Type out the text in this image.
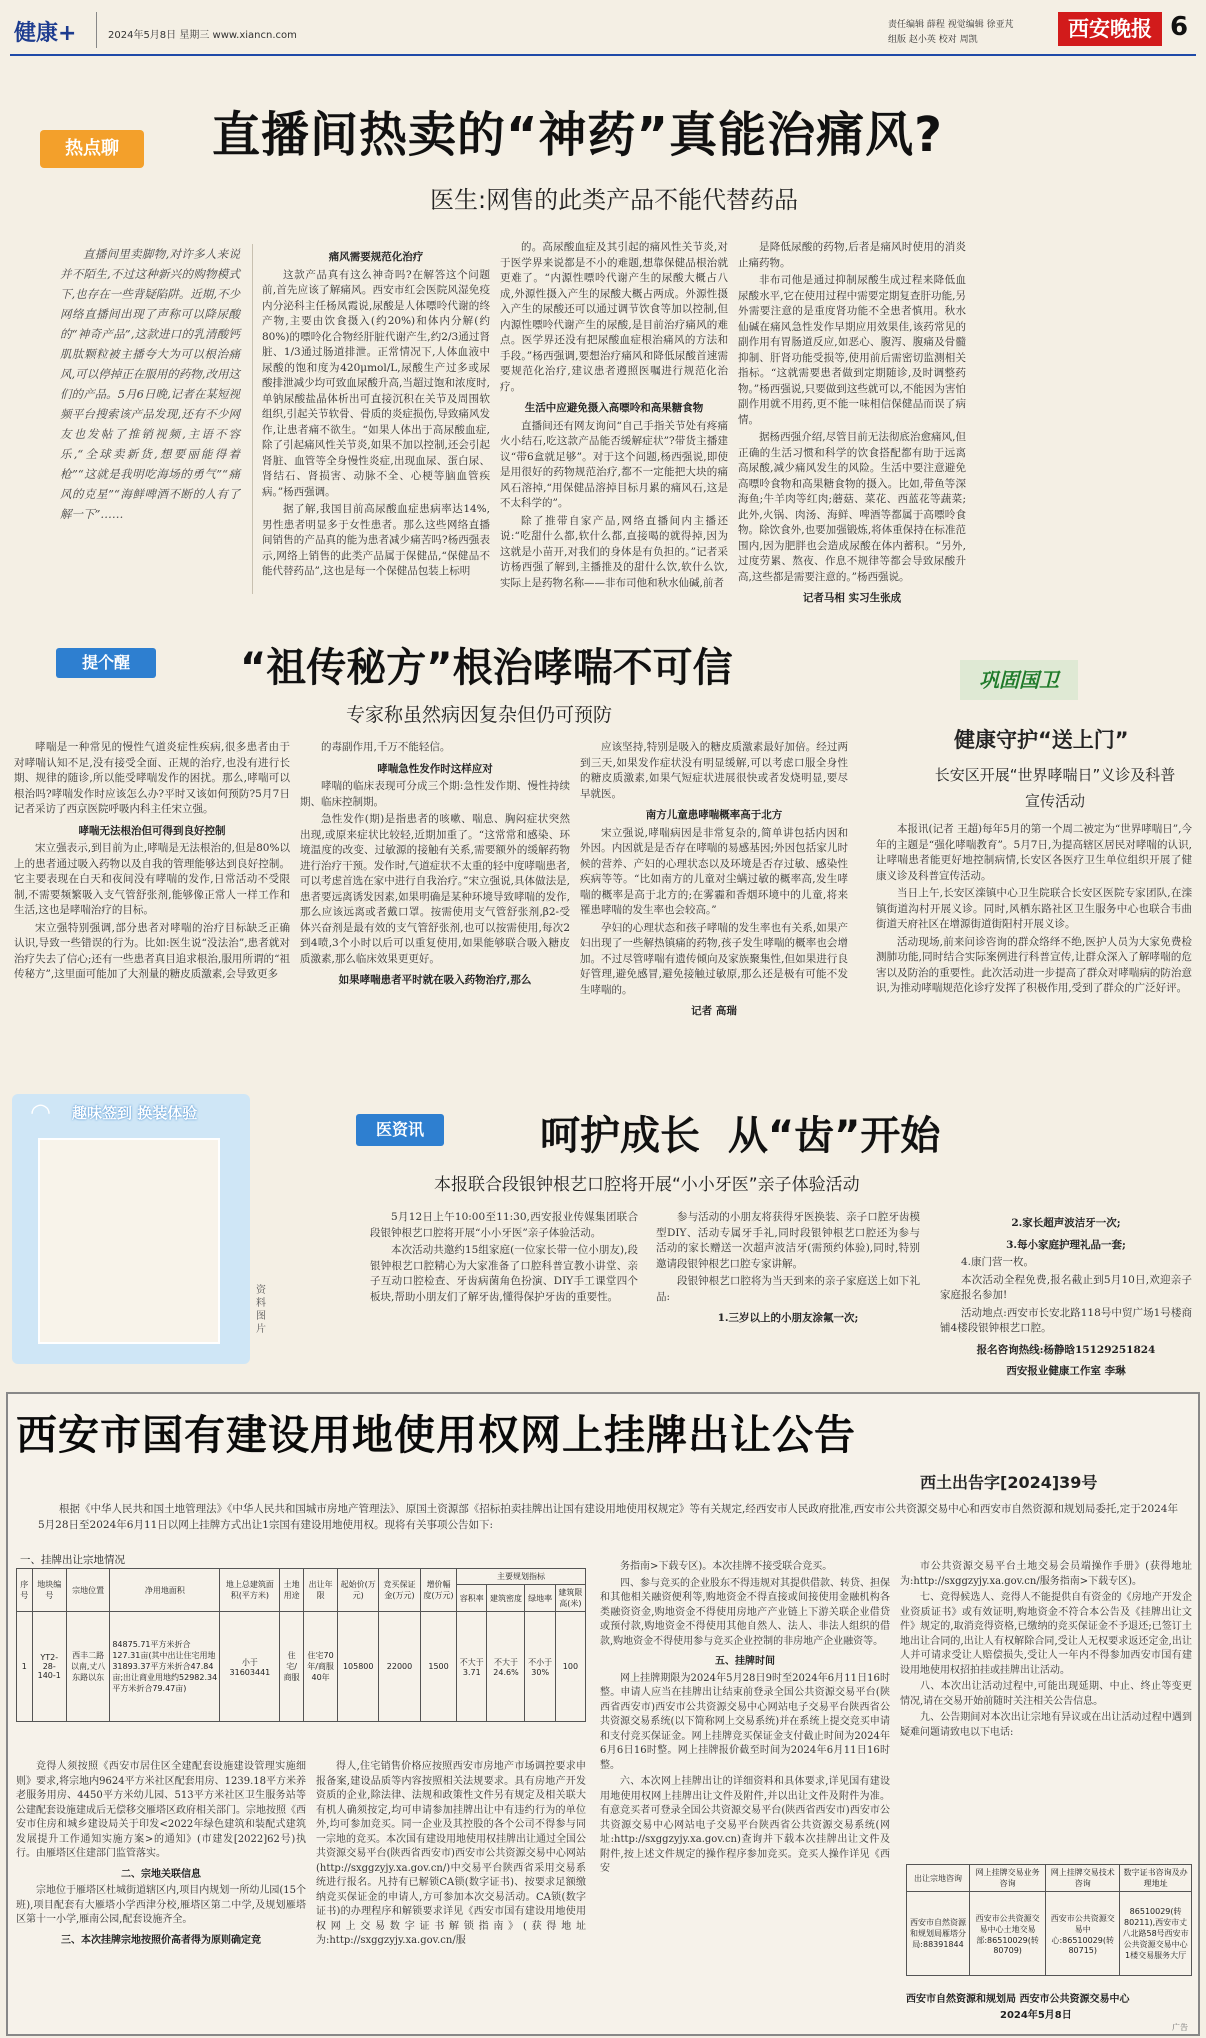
健康+	2024年5月8日 星期三 www.xiancn.com
责任编辑 薛程 视觉编辑 徐亚芃
组版 赵小英 校对 周凯	西安晚报 6
热点聊	直播间热卖的“神药”真能治痛风?
医生:网售的此类产品不能代替药品
直播间里卖脚物,对许多人来说并不陌生,不过这种新兴的购物模式下,也存在一些背疑陷阱。近期,不少网络直播间出现了声称可以降尿酸的“神奇产品”,这款进口的乳清酸钙肌肽颗粒被主播夸大为可以根治痛风,可以停掉正在服用的药物,改用这们的产品。5月6日晚,记者在某短视频平台搜索该产品发现,还有不少网友也发帖了推销视频,主语不容乐,“全球卖新货,想要丽能得着枪”“这就是我明吃海场的勇气”“痛风的克星”“海鲜啤酒不断的人有了解一下”……

痛风需要规范化治疗

这款产品真有这么神奇吗?在解答这个问题前,首先应该了解痛风。西安市红会医院风湿免疫内分泌科主任杨凤霞说,尿酸是人体嘌呤代谢的终产物,主要由饮食摄入(约20%)和体内分解(约80%)的嘌呤化合物经肝脏代谢产生,约2/3通过肾脏、1/3通过肠道排泄。正常情况下,人体血液中尿酸的饱和度为420μmol/L,尿酸生产过多或尿酸排泄减少均可致血尿酸升高,当超过饱和浓度时,单钠尿酸盐晶体析出可直接沉积在关节及周围软组织,引起关节软骨、骨质的炎症损伤,导致痛风发作,让患者痛不欲生。“如果人体出于高尿酸血症,除了引起痛风性关节炎,如果不加以控制,还会引起肾脏、血管等全身慢性炎症,出现血尿、蛋白尿、肾结石、肾损害、动脉不全、心梗等脑血管疾病。”杨西强调。

据了解,我国目前高尿酸血症患病率达14%,男性患者明显多于女性患者。那么这些网络直播间销售的产品真的能为患者减少痛苦吗?杨西强表示,网络上销售的此类产品属于保健品,“保健品不能代替药品”,这也是每一个保健品包装上标明

的。高尿酸血症及其引起的痛风性关节炎,对于医学界来说都是不小的难题,想靠保健品根治就更难了。“内源性嘌呤代谢产生的尿酸大概占八成,外源性摄入产生的尿酸大概占两成。外源性摄入产生的尿酸还可以通过调节饮食等加以控制,但内源性嘌呤代谢产生的尿酸,是目前治疗痛风的难点。医学界还没有把尿酸血症根治痛风的方法和手段。”杨西强调,要想治疗痛风和降低尿酸首速需要规范化治疗,建议患者遵照医嘱进行规范化治疗。

生活中应避免摄入高嘌呤和高果糖食物

直播间还有网友询问“自己手指关节处有疼痛火小结石,吃这款产品能否缓解症状”?带货主播建议“带6盒就足够”。对于这个问题,杨西强说,即使是用很好的药物规范治疗,都不一定能把大块的痛风石溶掉,“用保健品溶掉目标月累的痛风石,这是不太科学的”。

除了推带自家产品,网络直播间内主播还说:“吃甜什么都,软什么都,直接喝的就得掉,因为这就是小苗开,对我们的身体是有负担的。”记者采访杨西强了解到,主播推及的甜什么饮,软什么饮,实际上是药物名称——非布司他和秋水仙碱,前者

是降低尿酸的药物,后者是痛风时使用的消炎止痛药物。

非布司他是通过抑制尿酸生成过程来降低血尿酸水平,它在使用过程中需要定期复查肝功能,另外需要注意的是重度肾功能不全患者慎用。秋水仙碱在痛风急性发作早期应用效果佳,该药常见的副作用有胃肠道反应,如恶心、腹泻、腹痛及骨髓抑制、肝肾功能受损等,使用前后需密切监测相关指标。“这就需要患者做到定期随诊,及时调整药物。”杨西强说,只要做到这些就可以,不能因为害怕副作用就不用药,更不能一味相信保健品而误了病情。

据杨西强介绍,尽管目前无法彻底治愈痛风,但正确的生活习惯和科学的饮食搭配都有助于远离高尿酸,减少痛风发生的风险。生活中要注意避免高嘌呤食物和高果糖食物的摄入。比如,带鱼等深海鱼;牛羊肉等红肉;蘑菇、菜花、西蓝花等蔬菜;此外,火锅、肉汤、海鲜、啤酒等都属于高嘌呤食物。除饮食外,也要加强锻炼,将体重保持在标准范围内,因为肥胖也会造成尿酸在体内蓄积。“另外,过度劳累、熬夜、作息不规律等都会导致尿酸升高,这些都是需要注意的。”杨西强说。

记者马相 实习生张成

提个醒	“祖传秘方”根治哮喘不可信
专家称虽然病因复杂但仍可预防

哮喘是一种常见的慢性气道炎症性疾病,很多患者由于对哮喘认知不足,没有接受全面、正规的治疗,也没有进行长期、规律的随诊,所以能受哮喘发作的困扰。那么,哮喘可以根治吗?哮喘发作时应该怎么办?平时又该如何预防?5月7日记者采访了西京医院呼吸内科主任宋立强。

哮喘无法根治但可得到良好控制

宋立强表示,到目前为止,哮喘是无法根治的,但是80%以上的患者通过吸入药物以及自我的管理能够达到良好控制。它主要表现在白天和夜间没有哮喘的发作,日常活动不受限制,不需要频繁吸入支气管舒张剂,能够像正常人一样工作和生活,这也是哮喘治疗的目标。

宋立强特别强调,部分患者对哮喘的治疗目标缺乏正确认识,导致一些错误的行为。比如:医生说“没法治”,患者就对治疗失去了信心;还有一些患者真目追求根治,服用所谓的“祖传秘方”,这里面可能加了大剂量的糖皮质激素,会导致更多

的毒副作用,千万不能轻信。

哮喘急性发作时这样应对

哮喘的临床表现可分成三个期:急性发作期、慢性持续期、临床控制期。

急性发作(期)是指患者的咳嗽、喘息、胸闷症状突然出现,或原来症状比较轻,近期加重了。“这常常和感染、环境温度的改变、过敏源的接触有关系,需要额外的缓解药物进行治疗干预。发作时,气道症状不太重的轻中度哮喘患者,可以考虑首选在家中进行自我治疗。”宋立强说,具体做法是,患者要远离诱发因素,如果明确是某种环境导致哮喘的发作,那么应该远离或者戴口罩。按需使用支气管舒张剂,β2-受体兴奋剂是最有效的支气管舒张剂,也可以按需使用,每次2到4喷,3个小时以后可以重复使用,如果能够联合吸入糖皮质激素,那么临床效果更更好。

如果哮喘患者平时就在吸入药物治疗,那么

应该坚持,特别是吸入的糖皮质激素最好加倍。经过两到三天,如果发作症状没有明显缓解,可以考虑口服全身性的糖皮质激素,如果气短症状进展很快或者发烧明显,要尽早就医。

南方儿童患哮喘概率高于北方

宋立强说,哮喘病因是非常复杂的,简单讲包括内因和外因。内因就是是否存在哮喘的易感基因;外因包括家儿时候的营养、产妇的心理状态以及环境是否存过敏、感染性疾病等等。“比如南方的儿童对尘螨过敏的概率高,发生哮喘的概率是高于北方的;在雾霾和香烟环境中的儿童,将来罹患哮喘的发生率也会较高。”

孕妇的心理状态和孩子哮喘的发生率也有关系,如果产妇出现了一些解热镇痛的药物,孩子发生哮喘的概率也会增加。不过尽管哮喘有遗传倾向及家族聚集性,但如果进行良好管理,避免感冒,避免接触过敏原,那么还是极有可能不发生哮喘的。

记者 高瑞

巩固国卫
健康守护“送上门”
长安区开展“世界哮喘日”义诊及科普宣传活动

本报讯(记者 王超)每年5月的第一个周二被定为“世界哮喘日”,今年的主题是“强化哮喘教育”。5月7日,为提高辖区居民对哮喘的认识,让哮喘患者能更好地控制病情,长安区各医疗卫生单位组织开展了健康义诊及科普宣传活动。

当日上午,长安区滦镇中心卫生院联合长安区医院专家团队,在滦镇街道沟村开展义诊。同时,风栖东路社区卫生服务中心也联合韦曲街道天府社区在增源街道街阳村开展义诊。

活动现场,前来问诊咨询的群众络绎不绝,医护人员为大家免费检测肺功能,同时结合实际案例进行科普宣传,让群众深入了解哮喘的危害以及防治的重要性。此次活动进一步提高了群众对哮喘病的防治意识,为推动哮喘规范化诊疗发挥了积极作用,受到了群众的广泛好评。

◠ 趣味签到 换装体验
资料图片
医资讯	呵护成长  从“齿”开始
本报联合段银钟根艺口腔将开展“小小牙医”亲子体验活动

5月12日上午10:00至11:30,西安报业传媒集团联合段银钟根艺口腔将开展“小小牙医”亲子体验活动。

本次活动共邀约15组家庭(一位家长带一位小朋友),段银钟根艺口腔精心为大家准备了口腔科普宣教小讲堂、亲子互动口腔检查、牙齿病菌角色扮演、DIY手工课堂四个板块,帮助小朋友们了解牙齿,懂得保护牙齿的重要性。

参与活动的小朋友将获得牙医换装、亲子口腔牙齿模型DIY、活动专属牙手礼,同时段银钟根艺口腔还为参与活动的家长赠送一次超声波洁牙(需预约体验),同时,特别邀请段银钟根艺口腔专家讲解。

段银钟根艺口腔将为当天到来的亲子家庭送上如下礼品:

1.三岁以上的小朋友涂氟一次;

2.家长超声波洁牙一次;

3.每小家庭护理礼品一套;

4.康门营一枚。

本次活动全程免费,报名截止到5月10日,欢迎亲子家庭报名参加!

活动地点:西安市长安北路118号中贸广场1号楼商铺4楼段银钟根艺口腔。

报名咨询热线:杨静晗15129251824

西安报业健康工作室 李琳

西安市国有建设用地使用权网上挂牌出让公告
西土出告字[2024]39号
根据《中华人民共和国土地管理法》《中华人民共和国城市房地产管理法》、原国土资源部《招标拍卖挂牌出让国有建设用地使用权规定》等有关规定,经西安市人民政府批准,西安市公共资源交易中心和西安市自然资源和规划局委托,定于2024年5月28日至2024年6月11日以网上挂牌方式出让1宗国有建设用地使用权。现将有关事项公告如下:
一、挂牌出让宗地情况
序号	地块编号	宗地位置	净用地面积	地上总建筑面积(平方米)	土地用途	出让年限	起始价(万元)	竞买保证金(万元)	增价幅度(万元)	主要规划指标			
										容积率	建筑密度	绿地率	建筑限高(米)
1	YT2-28-140-1	西丰二路以南,丈八东路以东	84875.71平方米折合127.31亩(其中出让住宅用地31893.37平方米折合47.84亩;出让商业用地约52982.34平方米折合79.47亩)	小于31603441	住宅/商服	住宅70年/商服40年	105800	22000	1500	不大于3.71	不大于24.6%	不小于30%	100

竞得人须按照《西安市居住区全建配套设施建设管理实施细则》要求,将宗地内9624平方米社区配套用房、1239.18平方米养老服务用房、4450平方米幼儿园、513平方米社区卫生服务站等公建配套设施建成后无偿移交雁塔区政府相关部门。宗地按照《西安市住房和城乡建设局关于印发<2022年绿色建筑和装配式建筑发展提升工作通知实施方案>的通知》(市建发[2022]62号)执行。由雁塔区住建部门监管落实。

二、宗地关联信息

宗地位于雁塔区杜城街道辖区内,项目内规划一所幼儿园(15个班),项目配套有大雁塔小学西津分校,雁塔区第二中学,及规划雁塔区第十一小学,雁南公园,配套设施齐全。

三、本次挂牌宗地按照价高者得为原则确定竞

得人,住宅销售价格应按照西安市房地产市场调控要求申报备案,建设品质等内容按照相关法规要求。具有房地产开发资质的企业,除法律、法规和政策性文件另有规定及相关联大有机人确须按定,均可申请参加挂牌出让中有违约行为的单位外,均可参加竞买。同一企业及其控股的各个公司不得参与同一宗地的竞买。本次国有建设用地使用权挂牌出让通过全国公共资源交易平台(陕西省西安市)西安市公共资源交易中心网站(http://sxggzyjy.xa.gov.cn/)中交易平台陕西省采用交易系统进行报名。凡持有已解锁CA锁(数字证书)、按要求足额缴纳竞买保证金的申请人,方可参加本次交易活动。CA锁(数字证书)的办理程序和解锁要求详见《西安市国有建设用地使用权网上交易数字证书解锁指南》(获得地址为:http://sxggzyjy.xa.gov.cn/服

务指南>下载专区)。本次挂牌不接受联合竞买。

四、参与竞买的企业股东不得违规对其提供借款、转贷、担保和其他相关融资便利等,购地资金不得直接或间接使用金融机构各类融资资金,购地资金不得使用房地产产业链上下游关联企业借贷或预付款,购地资金不得使用其他自然人、法人、非法人组织的借款,购地资金不得使用参与竞买企业控制的非房地产企业融资等。

五、挂牌时间

网上挂牌期限为2024年5月28日9时至2024年6月11日16时整。申请人应当在挂牌出让结束前登录全国公共资源交易平台(陕西省西安市)西安市公共资源交易中心网站电子交易平台陕西省公共资源交易系统(以下简称网上交易系统)并在系统上提交竞买申请和支付竞买保证金。网上挂牌竞买保证金支付截止时间为2024年6月6日16时整。网上挂牌报价截至时间为2024年6月11日16时整。

六、本次网上挂牌出让的详细资料和具体要求,详见国有建设用地使用权网上挂牌出让文件及附件,并以出让文件及附件为准。有意竞买者可登录全国公共资源交易平台(陕西省西安市)西安市公共资源交易中心网站电子交易平台陕西省公共资源交易系统(网址:http://sxggzyjy.xa.gov.cn)查询并下载本次挂牌出让文件及附件,按上述文件规定的操作程序参加竞买。竞买人操作详见《西安

市公共资源交易平台土地交易会员端操作手册》(获得地址为:http://sxggzyjy.xa.gov.cn/服务指南>下载专区)。

七、竞得候选人、竞得人不能提供自有资金的《房地产开发企业资质证书》或有效证明,购地资金不符合本公告及《挂牌出让文件》规定的,取消竞得资格,已缴纳的竞买保证金不予退还;已签订土地出让合同的,出让人有权解除合同,受让人无权要求返还定金,出让人并可请求受让人赔偿损失,受让人一年内不得参加西安市国有建设用地使用权招拍挂或挂牌出让活动。

八、本次出让活动过程中,可能出现延期、中止、终止等变更情况,请在交易开始前随时关注相关公告信息。

九、公告期间对本次出让宗地有异议或在出让活动过程中遇到疑难问题请致电以下电话:

出让宗地咨询	网上挂牌交易业务咨询	网上挂牌交易技术咨询	数字证书咨询及办理地址
西安市自然资源和规划局雁塔分局:88391844	西安市公共资源交易中心土地交易部:86510029(转80709)	西安市公共资源交易中心:86510029(转80715)	86510029(转80211),西安市丈八北路58号西安市公共资源交易中心1楼交易服务大厅
西安市自然资源和规划局 西安市公共资源交易中心
2024年5月8日
广告
